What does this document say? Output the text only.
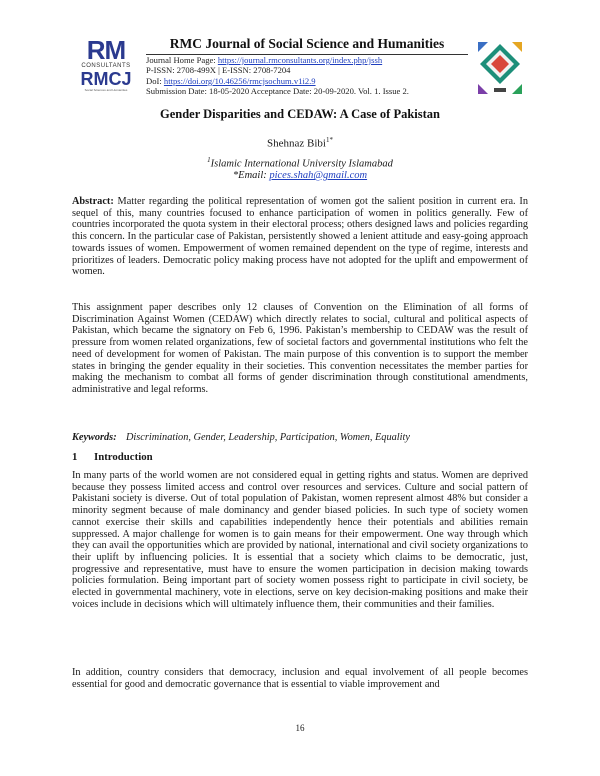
RM
CONSULTANTS
RMCJ
Social Sciences and Humanities
RMC Journal of Social Science and Humanities
Journal Home Page: https://journal.rmconsultants.org/index.php/jssh
P-ISSN: 2708-499X | E-ISSN: 2708-7204
DoI: https://doi.org/10.46256/rmcjsochum.v1i2.9
Submission Date: 18-05-2020 Acceptance Date: 20-09-2020. Vol. 1. Issue 2.
Gender Disparities and CEDAW: A Case of Pakistan
Shehnaz Bibi$^{1*}$
$^1$Islamic International University Islamabad
*Email: pices.shah@gmail.com

Abstract: Matter regarding the political representation of women got the salient position in current era. In sequel of this, many countries focused to enhance participation of women in politics generally. Few of countries incorporated the quota system in their electoral process; others designed laws and policies regarding this concern. In the particular case of Pakistan, persistently showed a lenient attitude and easy-going approach towards issues of women. Empowerment of women remained dependent on the type of regime, interests and prioritizes of leaders. Democratic policy making process have not adopted for the uplift and empowerment of women.

This assignment paper describes only 12 clauses of Convention on the Elimination of all forms of Discrimination Against Women (CEDAW) which directly relates to social, cultural and political aspects of Pakistan, which became the signatory on Feb 6, 1996. Pakistan’s membership to CEDAW was the result of pressure from women related organizations, few of societal factors and governmental institutions who felt the need of development for women of Pakistan. The main purpose of this convention is to support the member states in bringing the gender equality in their societies. This convention necessitates the member parties for making the mechanism to combat all forms of gender discrimination through constitutional amendments, administrative and legal reforms.

Keywords: Discrimination, Gender, Leadership, Participation, Women, Equality
1 Introduction

In many parts of the world women are not considered equal in getting rights and status. Women are deprived because they possess limited access and control over resources and services. Culture and social pattern of Pakistani society is diverse. Out of total population of Pakistan, women represent almost 48% but consider a minority segment because of male dominancy and gender biased policies. In such type of society women cannot exercise their skills and capabilities independently hence their potentials and abilities remain suppressed. A major challenge for women is to gain means for their empowerment. One way through which they can avail the opportunities which are provided by national, international and civil society organizations to their uplift by influencing policies. It is essential that a society which claims to be democratic, just, progressive and representative, must have to ensure the women participation in decision making towards policies formulation. Being important part of society women possess right to participate in civil society, be elected in governmental machinery, vote in elections, serve on key decision-making positions and make their voices include in decisions which will ultimately influence them, their communities and their families.

In addition, country considers that democracy, inclusion and equal involvement of all people becomes essential for good and democratic governance that is essential to viable improvement and

16
